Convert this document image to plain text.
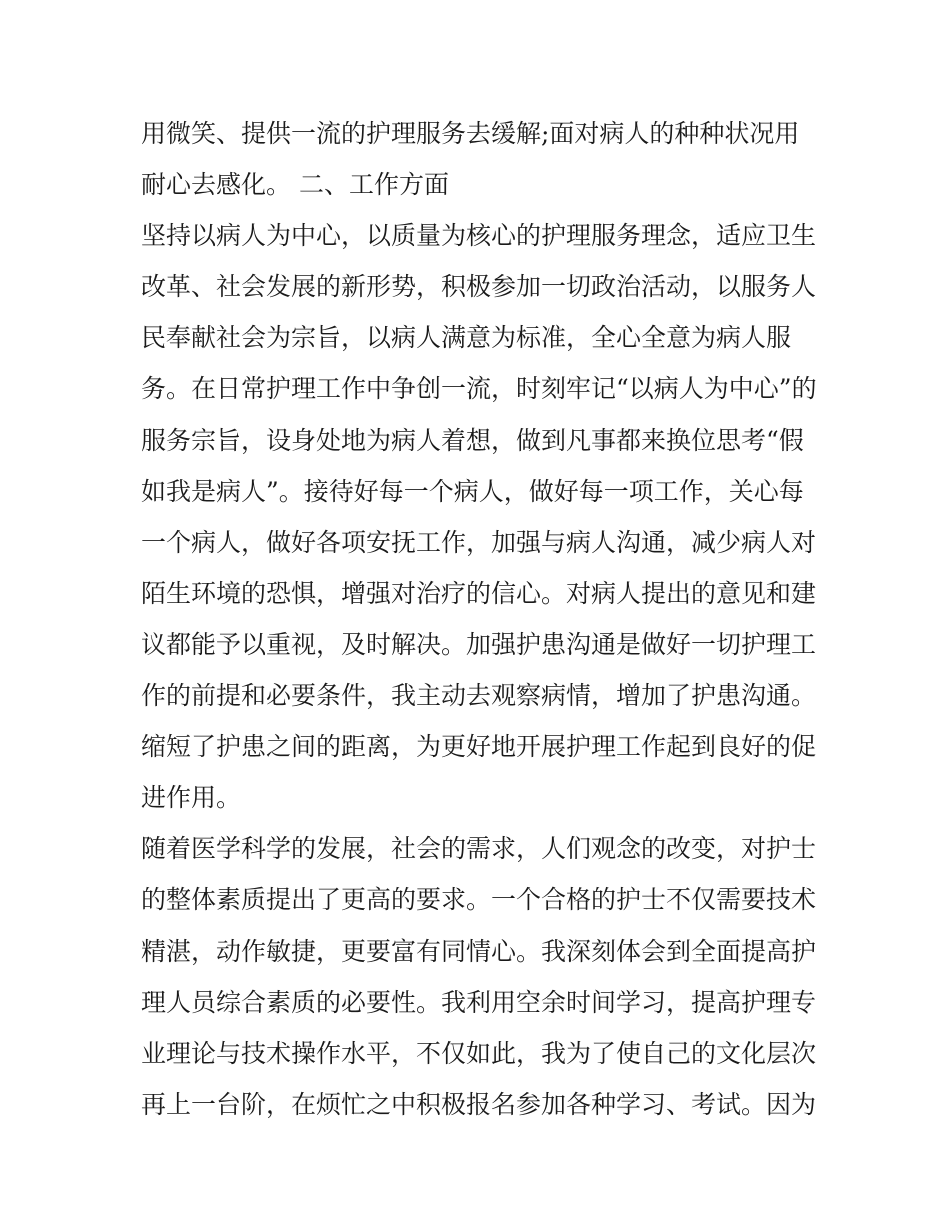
用微笑、提供一流的护理服务去缓解;面对病人的种种状况用
耐心去感化。 二、工作方面
坚持以病人为中心，以质量为核心的护理服务理念，适应卫生
改革、社会发展的新形势，积极参加一切政治活动，以服务人
民奉献社会为宗旨，以病人满意为标准，全心全意为病人服
务。在日常护理工作中争创一流，时刻牢记“以病人为中心”的
服务宗旨，设身处地为病人着想，做到凡事都来换位思考“假
如我是病人”。接待好每一个病人，做好每一项工作，关心每
一个病人，做好各项安抚工作，加强与病人沟通，减少病人对
陌生环境的恐惧，增强对治疗的信心。对病人提出的意见和建
议都能予以重视，及时解决。加强护患沟通是做好一切护理工
作的前提和必要条件，我主动去观察病情，增加了护患沟通。
缩短了护患之间的距离，为更好地开展护理工作起到良好的促
进作用。
随着医学科学的发展，社会的需求，人们观念的改变，对护士
的整体素质提出了更高的要求。一个合格的护士不仅需要技术
精湛，动作敏捷，更要富有同情心。我深刻体会到全面提高护
理人员综合素质的必要性。我利用空余时间学习，提高护理专
业理论与技术操作水平，不仅如此，我为了使自己的文化层次
再上一台阶，在烦忙之中积极报名参加各种学习、考试。因为
